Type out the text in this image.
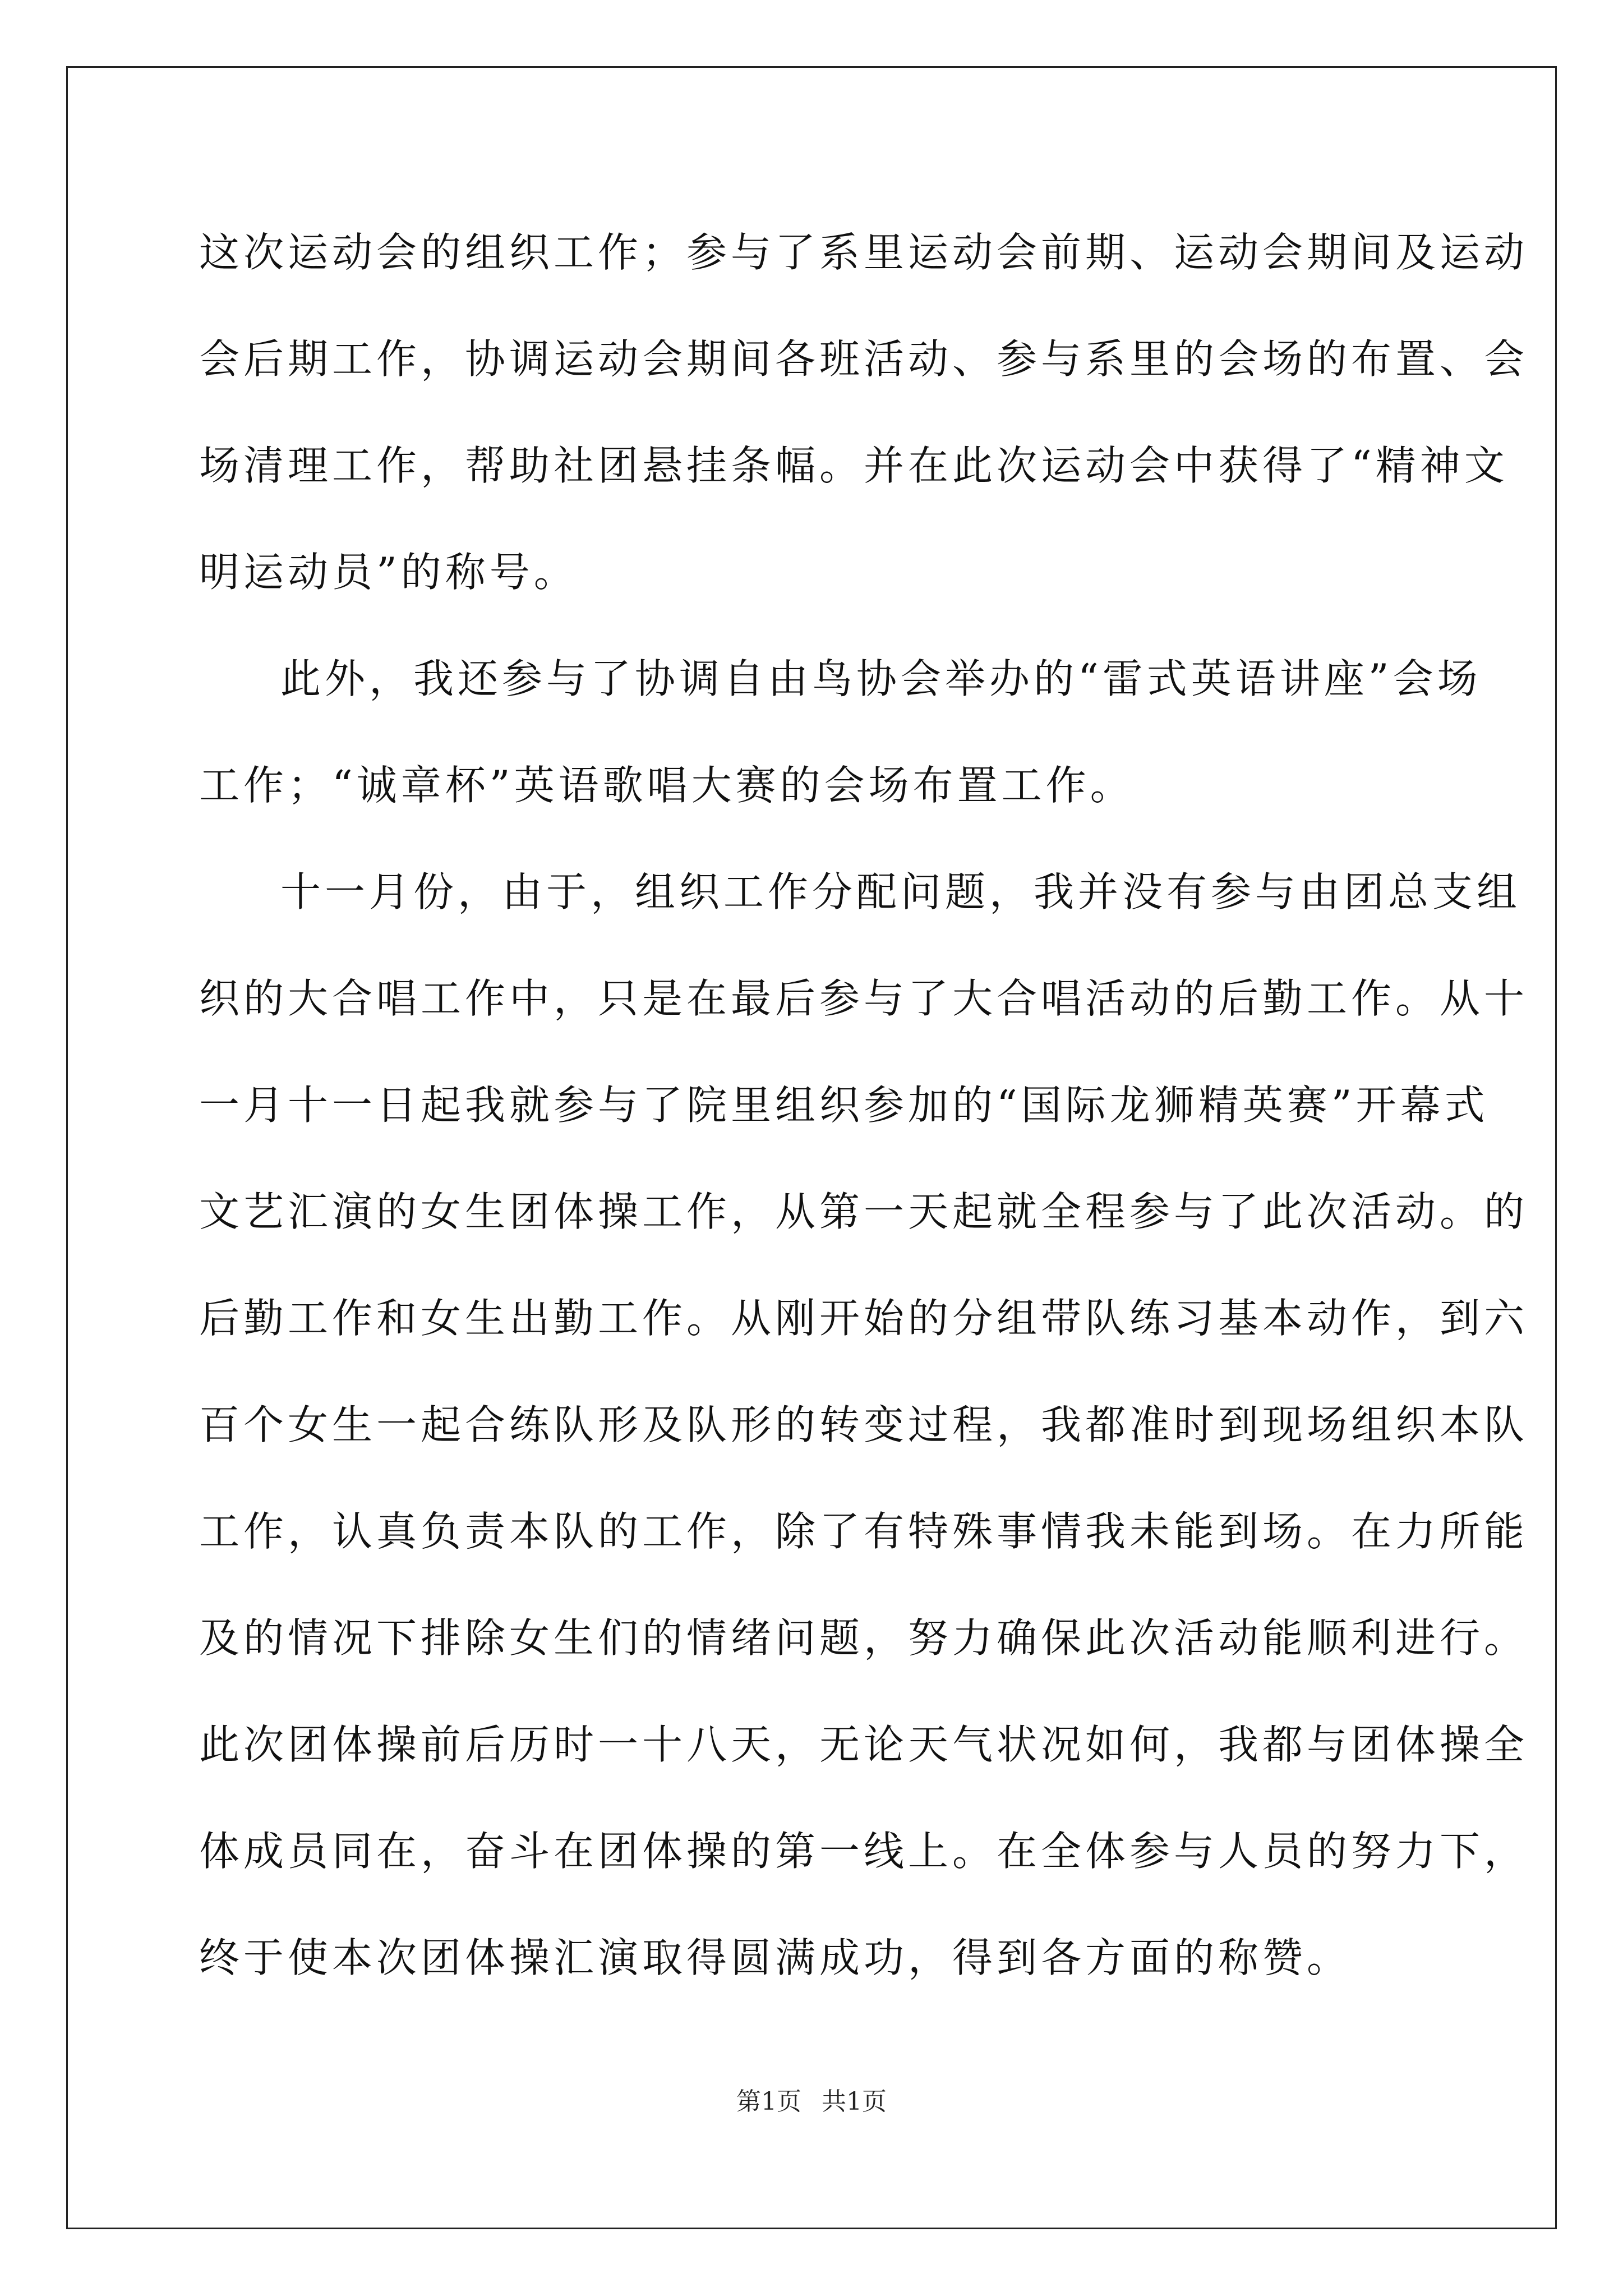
这次运动会的组织工作；参与了系里运动会前期、运动会期间及运动
会后期工作，协调运动会期间各班活动、参与系里的会场的布置、会
场清理工作，帮助社团悬挂条幅。并在此次运动会中获得了“精神文
明运动员”的称号。
此外，我还参与了协调自由鸟协会举办的“雷式英语讲座”会场
工作；“诚章杯”英语歌唱大赛的会场布置工作。
十一月份，由于，组织工作分配问题，我并没有参与由团总支组
织的大合唱工作中，只是在最后参与了大合唱活动的后勤工作。从十
一月十一日起我就参与了院里组织参加的“国际龙狮精英赛”开幕式
文艺汇演的女生团体操工作，从第一天起就全程参与了此次活动。的
后勤工作和女生出勤工作。从刚开始的分组带队练习基本动作，到六
百个女生一起合练队形及队形的转变过程，我都准时到现场组织本队
工作，认真负责本队的工作，除了有特殊事情我未能到场。在力所能
及的情况下排除女生们的情绪问题，努力确保此次活动能顺利进行。
此次团体操前后历时一十八天，无论天气状况如何，我都与团体操全
体成员同在，奋斗在团体操的第一线上。在全体参与人员的努力下，
终于使本次团体操汇演取得圆满成功，得到各方面的称赞。
第1页 共1页
